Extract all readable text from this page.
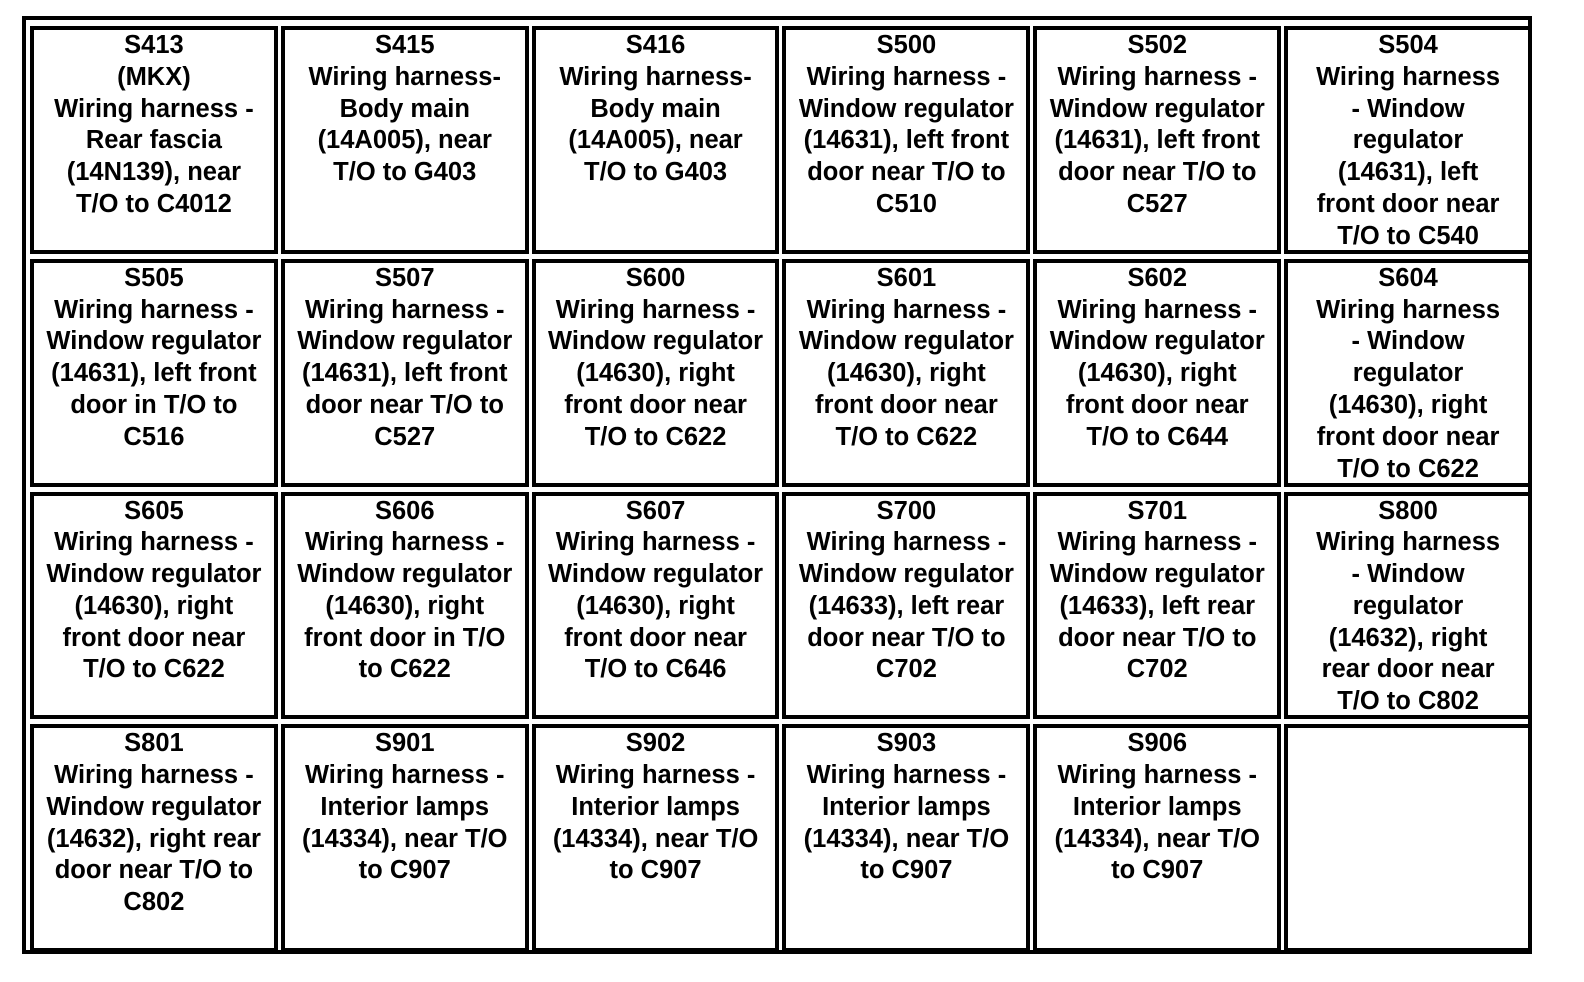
S413
(MKX)
Wiring harness -
Rear fascia
(14N139), near
T/O to C4012
S415
Wiring harness-
Body main
(14A005), near
T/O to G403
S416
Wiring harness-
Body main
(14A005), near
T/O to G403
S500
Wiring harness -
Window regulator
(14631), left front
door near T/O to
C510
S502
Wiring harness -
Window regulator
(14631), left front
door near T/O to
C527
S504
Wiring harness
- Window
regulator
(14631), left
front door near
T/O to C540
S505
Wiring harness -
Window regulator
(14631), left front
door in T/O to
C516
S507
Wiring harness -
Window regulator
(14631), left front
door near T/O to
C527
S600
Wiring harness -
Window regulator
(14630), right
front door near
T/O to C622
S601
Wiring harness -
Window regulator
(14630), right
front door near
T/O to C622
S602
Wiring harness -
Window regulator
(14630), right
front door near
T/O to C644
S604
Wiring harness
- Window
regulator
(14630), right
front door near
T/O to C622
S605
Wiring harness -
Window regulator
(14630), right
front door near
T/O to C622
S606
Wiring harness -
Window regulator
(14630), right
front door in T/O
to C622
S607
Wiring harness -
Window regulator
(14630), right
front door near
T/O to C646
S700
Wiring harness -
Window regulator
(14633), left rear
door near T/O to
C702
S701
Wiring harness -
Window regulator
(14633), left rear
door near T/O to
C702
S800
Wiring harness
- Window
regulator
(14632), right
rear door near
T/O to C802
S801
Wiring harness -
Window regulator
(14632), right rear
door near T/O to
C802
S901
Wiring harness -
Interior lamps
(14334), near T/O
to C907
S902
Wiring harness -
Interior lamps
(14334), near T/O
to C907
S903
Wiring harness -
Interior lamps
(14334), near T/O
to C907
S906
Wiring harness -
Interior lamps
(14334), near T/O
to C907
